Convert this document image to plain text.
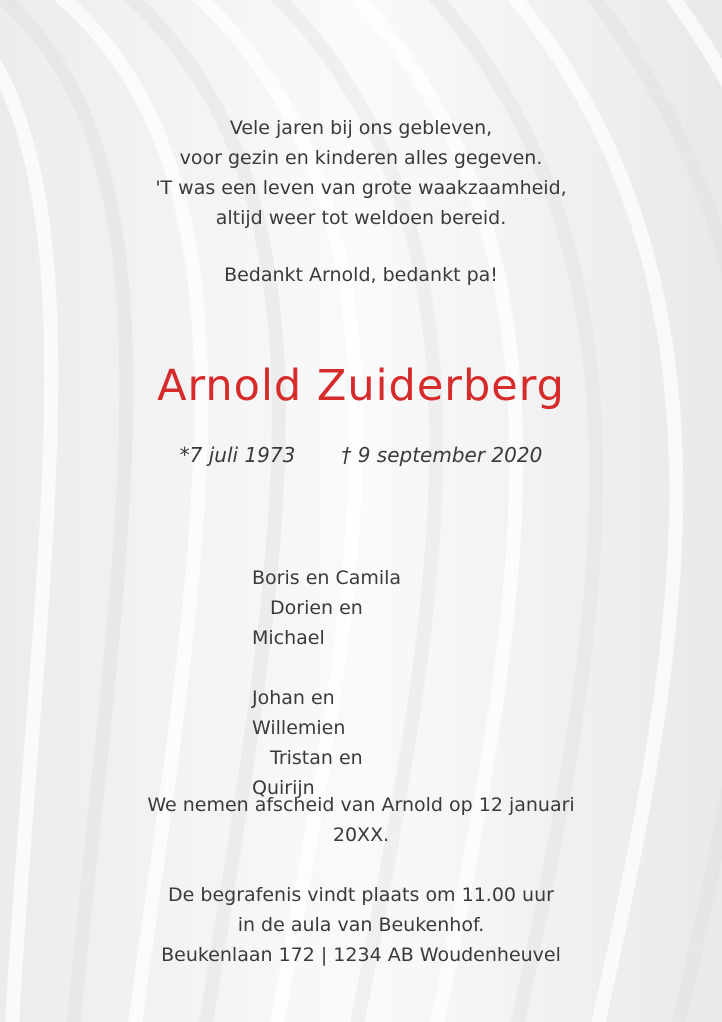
Vele jaren bij ons gebleven,
voor gezin en kinderen alles gegeven.
'T was een leven van grote waakzaamheid,
altijd weer tot weldoen bereid.
Bedankt Arnold, bedankt pa!
Arnold Zuiderberg
*7 juli 1973 † 9 september 2020
Boris en Camila
Dorien en
Michael
Johan en
Willemien
Tristan en
Quirijn
We nemen afscheid van Arnold op 12 januari
20XX.
De begrafenis vindt plaats om 11.00 uur
in de aula van Beukenhof.
Beukenlaan 172 | 1234 AB Woudenheuvel
